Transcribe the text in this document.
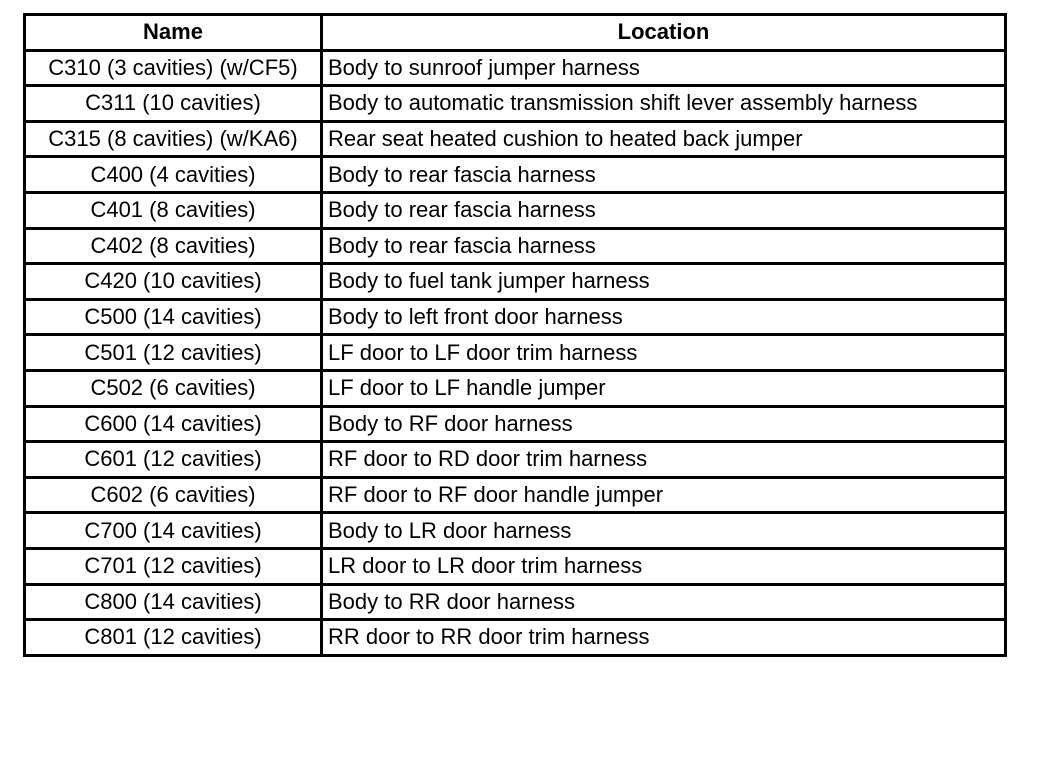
Name	Location
C310 (3 cavities) (w/CF5)	Body to sunroof jumper harness
C311 (10 cavities)	Body to automatic transmission shift lever assembly harness
C315 (8 cavities) (w/KA6)	Rear seat heated cushion to heated back jumper
C400 (4 cavities)	Body to rear fascia harness
C401 (8 cavities)	Body to rear fascia harness
C402 (8 cavities)	Body to rear fascia harness
C420 (10 cavities)	Body to fuel tank jumper harness
C500 (14 cavities)	Body to left front door harness
C501 (12 cavities)	LF door to LF door trim harness
C502 (6 cavities)	LF door to LF handle jumper
C600 (14 cavities)	Body to RF door harness
C601 (12 cavities)	RF door to RD door trim harness
C602 (6 cavities)	RF door to RF door handle jumper
C700 (14 cavities)	Body to LR door harness
C701 (12 cavities)	LR door to LR door trim harness
C800 (14 cavities)	Body to RR door harness
C801 (12 cavities)	RR door to RR door trim harness
